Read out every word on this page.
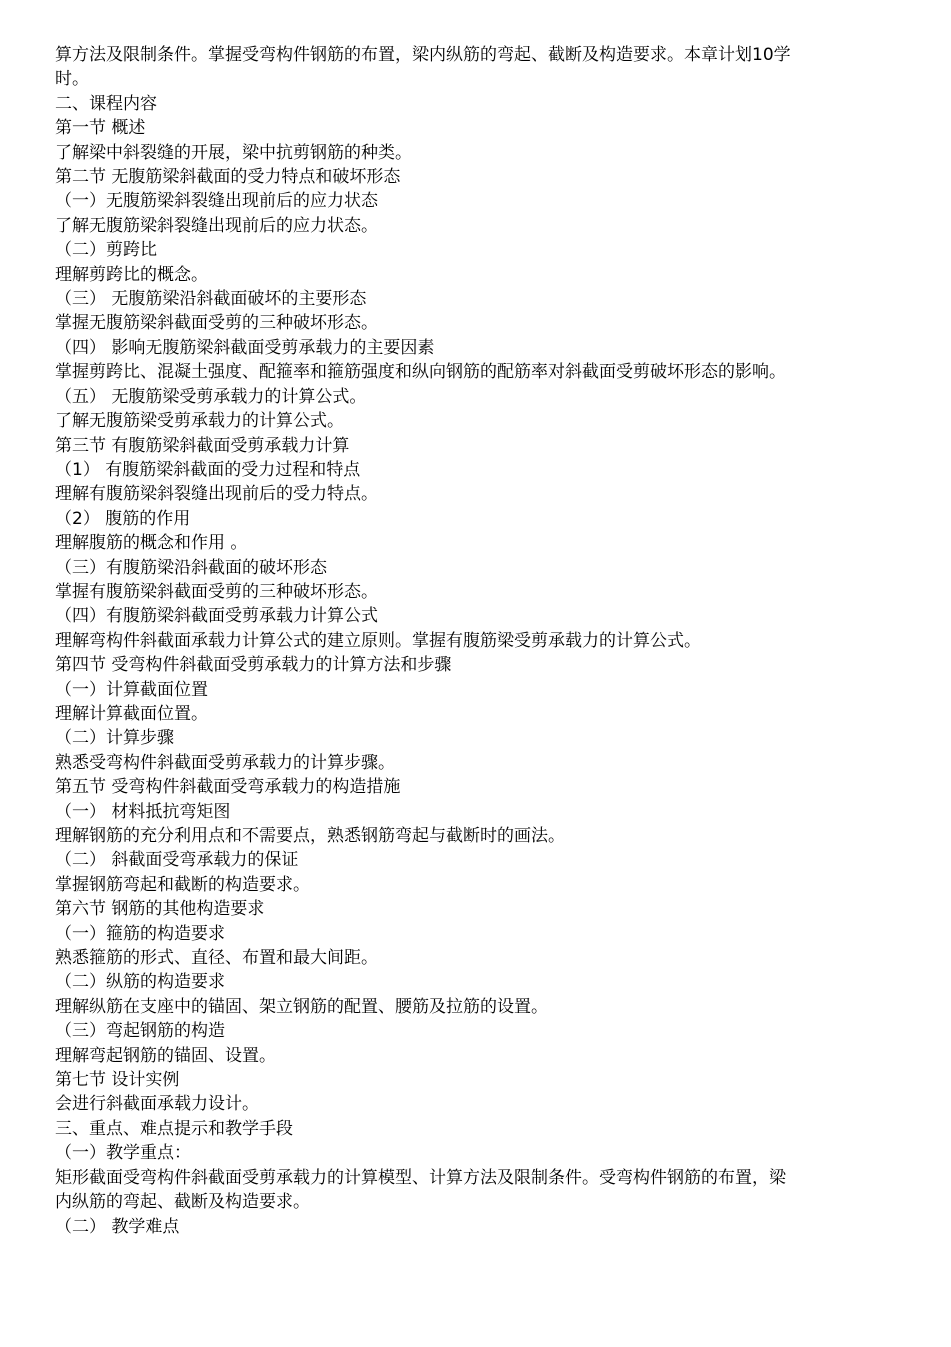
算方法及限制条件。掌握受弯构件钢筋的布置，梁内纵筋的弯起、截断及构造要求。本章计划10学

时。

二、课程内容

第一节 概述

了解梁中斜裂缝的开展，梁中抗剪钢筋的种类。

第二节 无腹筋梁斜截面的受力特点和破坏形态

（一）无腹筋梁斜裂缝出现前后的应力状态

了解无腹筋梁斜裂缝出现前后的应力状态。

（二）剪跨比

理解剪跨比的概念。

（三） 无腹筋梁沿斜截面破坏的主要形态

掌握无腹筋梁斜截面受剪的三种破坏形态。

（四） 影响无腹筋梁斜截面受剪承载力的主要因素

掌握剪跨比、混凝土强度、配箍率和箍筋强度和纵向钢筋的配筋率对斜截面受剪破坏形态的影响。

（五） 无腹筋梁受剪承载力的计算公式。

了解无腹筋梁受剪承载力的计算公式。

第三节 有腹筋梁斜截面受剪承载力计算

（1） 有腹筋梁斜截面的受力过程和特点

理解有腹筋梁斜裂缝出现前后的受力特点。

（2） 腹筋的作用

理解腹筋的概念和作用 。

（三）有腹筋梁沿斜截面的破坏形态

掌握有腹筋梁斜截面受剪的三种破坏形态。

（四）有腹筋梁斜截面受剪承载力计算公式

理解弯构件斜截面承载力计算公式的建立原则。掌握有腹筋梁受剪承载力的计算公式。

第四节 受弯构件斜截面受剪承载力的计算方法和步骤

（一）计算截面位置

理解计算截面位置。

（二）计算步骤

熟悉受弯构件斜截面受剪承载力的计算步骤。

第五节 受弯构件斜截面受弯承载力的构造措施

（一） 材料抵抗弯矩图

理解钢筋的充分利用点和不需要点，熟悉钢筋弯起与截断时的画法。

（二） 斜截面受弯承载力的保证

掌握钢筋弯起和截断的构造要求。

第六节 钢筋的其他构造要求

（一）箍筋的构造要求

熟悉箍筋的形式、直径、布置和最大间距。

（二）纵筋的构造要求

理解纵筋在支座中的锚固、架立钢筋的配置、腰筋及拉筋的设置。

（三）弯起钢筋的构造

理解弯起钢筋的锚固、设置。

第七节 设计实例

会进行斜截面承载力设计。

三、重点、难点提示和教学手段

（一）教学重点：

矩形截面受弯构件斜截面受剪承载力的计算模型、计算方法及限制条件。受弯构件钢筋的布置，梁

内纵筋的弯起、截断及构造要求。

（二） 教学难点
